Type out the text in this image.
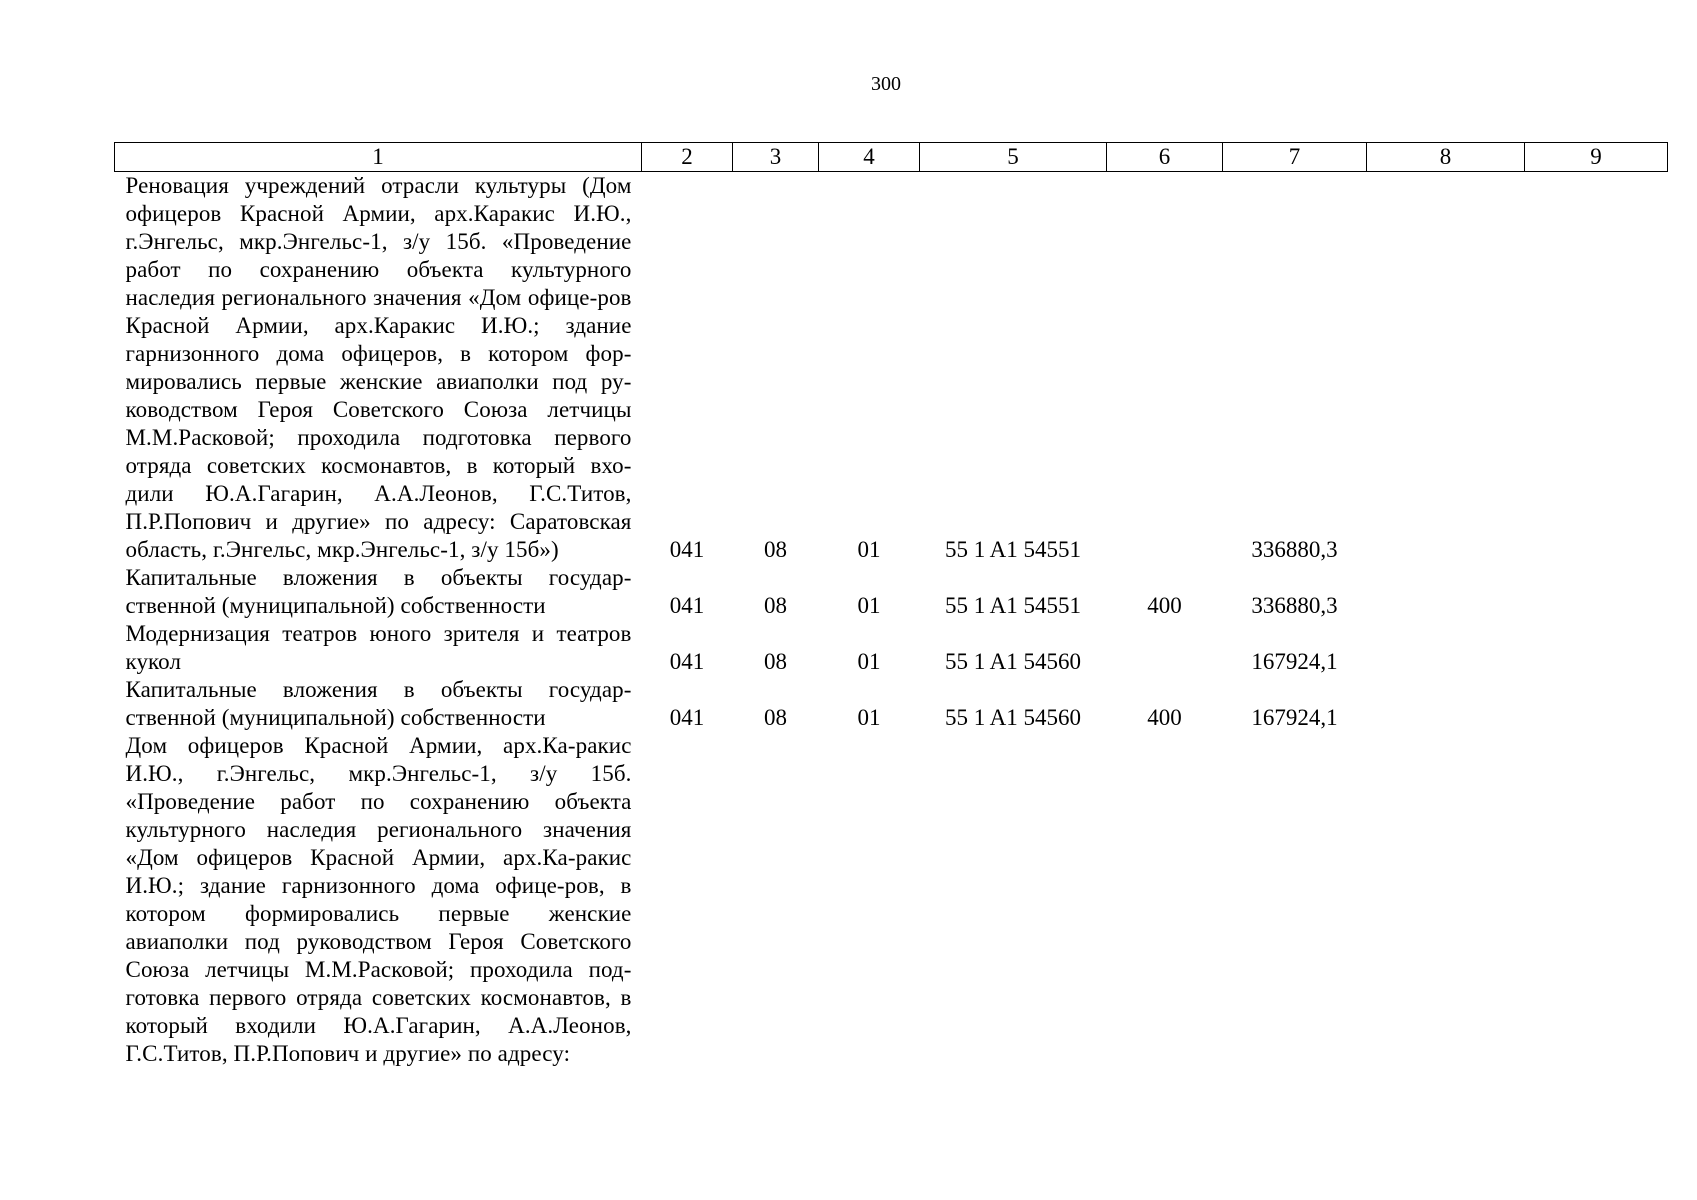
300
1	2	3	4	5	6	7	8	9
Реновация учреждений отрасли культуры (Дом офицеров Красной Армии, арх.Каракис И.Ю., г.Энгельс, мкр.Энгельс-1, з/у 15б. «Проведение работ по сохранению объекта культурного наследия регионального значения «Дом офице-ров Красной Армии, арх.Каракис И.Ю.; здание гарнизонного дома офицеров, в котором фор-мировались первые женские авиаполки под ру-ководством Героя Советского Союза летчицы М.М.Расковой; проходила подготовка первого отряда советских космонавтов, в который вхо-дили Ю.А.Гагарин, А.А.Леонов, Г.С.Титов, П.Р.Попович и другие» по адресу: Саратовская область, г.Энгельс, мкр.Энгельс-1, з/у 15б»)	041	08	01	55 1 A1 54551		336880,3		
Капитальные вложения в объекты государ-ственной (муниципальной) собственности	041	08	01	55 1 A1 54551	400	336880,3		
Модернизация театров юного зрителя и театров кукол	041	08	01	55 1 A1 54560		167924,1		
Капитальные вложения в объекты государ-ственной (муниципальной) собственности	041	08	01	55 1 A1 54560	400	167924,1		
Дом офицеров Красной Армии, арх.Ка-ракис И.Ю., г.Энгельс, мкр.Энгельс-1, з/у 15б. «Проведение работ по сохранению объекта культурного наследия регионального значения «Дом офицеров Красной Армии, арх.Ка-ракис И.Ю.; здание гарнизонного дома офице-ров, в котором формировались первые женские авиаполки под руководством Героя Советского Союза летчицы М.М.Расковой; проходила под-готовка первого отряда советских космонавтов, в который входили Ю.А.Гагарин, А.А.Леонов, Г.С.Титов, П.Р.Попович и другие» по адресу:								
